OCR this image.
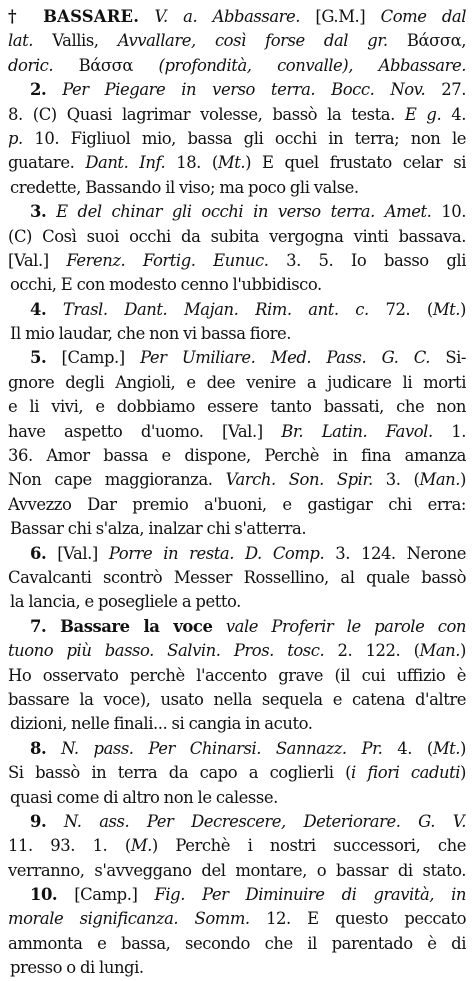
† BASSARE. V. a. Abbassare. [G.M.] Come dal
lat. Vallis, Avvallare, così forse dal gr. Βάσσα,
doric. Βάσσα (profondità, convalle), Abbassare.
2. Per Piegare in verso terra. Bocc. Nov. 27.
8. (C) Quasi lagrimar volesse, bassò la testa. E g. 4.
p. 10. Figliuol mio, bassa gli occhi in terra; non le
guatare. Dant. Inf. 18. (Mt.) E quel frustato celar si
credette, Bassando il viso; ma poco gli valse.
3. E del chinar gli occhi in verso terra. Amet. 10.
(C) Così suoi occhi da subita vergogna vinti bassava.
[Val.] Ferenz. Fortig. Eunuc. 3. 5. Io basso gli
occhi, E con modesto cenno l'ubbidisco.
4. Trasl. Dant. Majan. Rim. ant. c. 72. (Mt.)
Il mio laudar, che non vi bassa fiore.
5. [Camp.] Per Umiliare. Med. Pass. G. C. Si-
gnore degli Angioli, e dee venire a judicare li morti
e li vivi, e dobbiamo essere tanto bassati, che non
have aspetto d'uomo. [Val.] Br. Latin. Favol. 1.
36. Amor bassa e dispone, Perchè in fina amanza
Non cape maggioranza. Varch. Son. Spir. 3. (Man.)
Avvezzo Dar premio a'buoni, e gastigar chi erra:
Bassar chi s'alza, inalzar chi s'atterra.
6. [Val.] Porre in resta. D. Comp. 3. 124. Nerone
Cavalcanti scontrò Messer Rossellino, al quale bassò
la lancia, e posegliele a petto.
7. Bassare la voce vale Proferir le parole con
tuono più basso. Salvin. Pros. tosc. 2. 122. (Man.)
Ho osservato perchè l'accento grave (il cui uffizio è
bassare la voce), usato nella sequela e catena d'altre
dizioni, nelle finali... si cangia in acuto.
8. N. pass. Per Chinarsi. Sannazz. Pr. 4. (Mt.)
Si bassò in terra da capo a coglierli (i fiori caduti)
quasi come di altro non le calesse.
9. N. ass. Per Decrescere, Deteriorare. G. V.
11. 93. 1. (M.) Perchè i nostri successori, che
verranno, s'avveggano del montare, o bassar di stato.
10. [Camp.] Fig. Per Diminuire di gravità, in
morale significanza. Somm. 12. E questo peccato
ammonta e bassa, secondo che il parentado è di
presso o di lungi.
